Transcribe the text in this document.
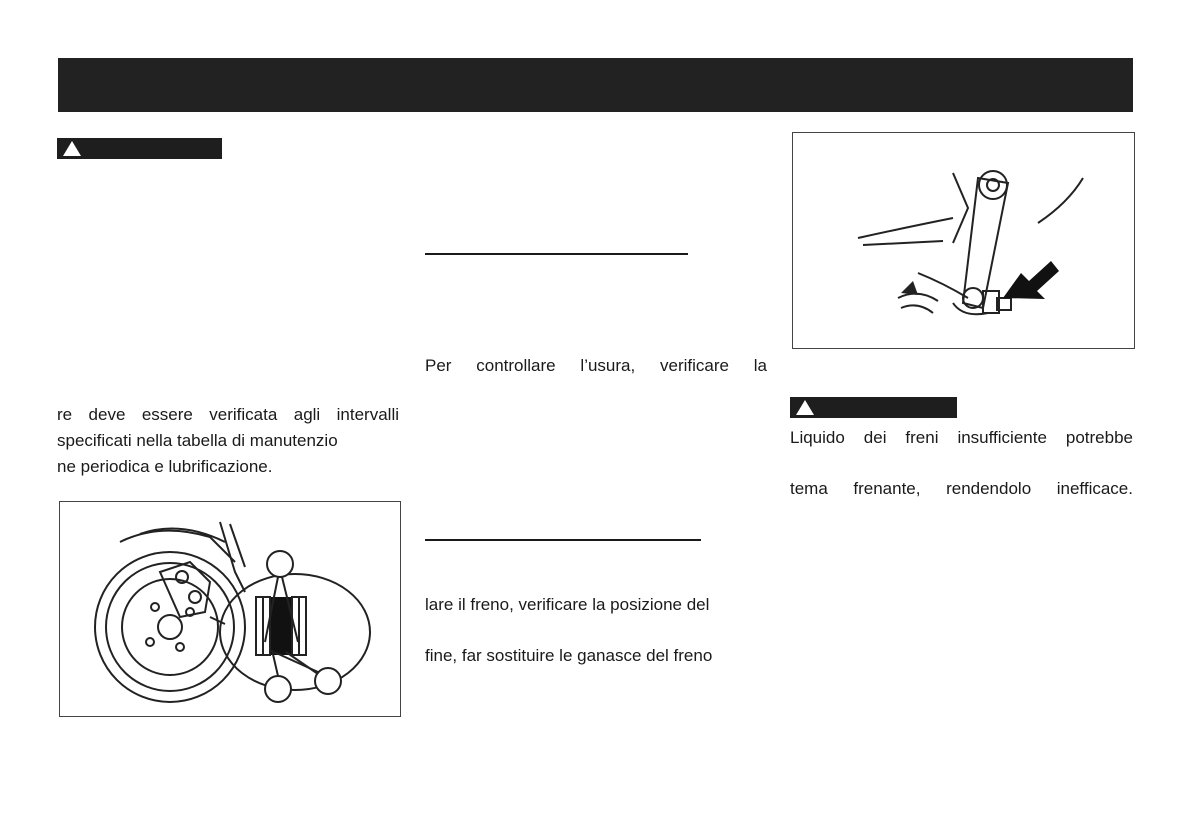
re deve essere verificata agli intervalli
specificati nella tabella di manutenzio
ne periodica e lubrificazione.
Per controllare l’usura, verificare la
lare il freno, verificare la posizione del
fine, far sostituire le ganasce del freno
Liquido dei freni insufficiente potrebbe
tema frenante, rendendolo inefficace.
